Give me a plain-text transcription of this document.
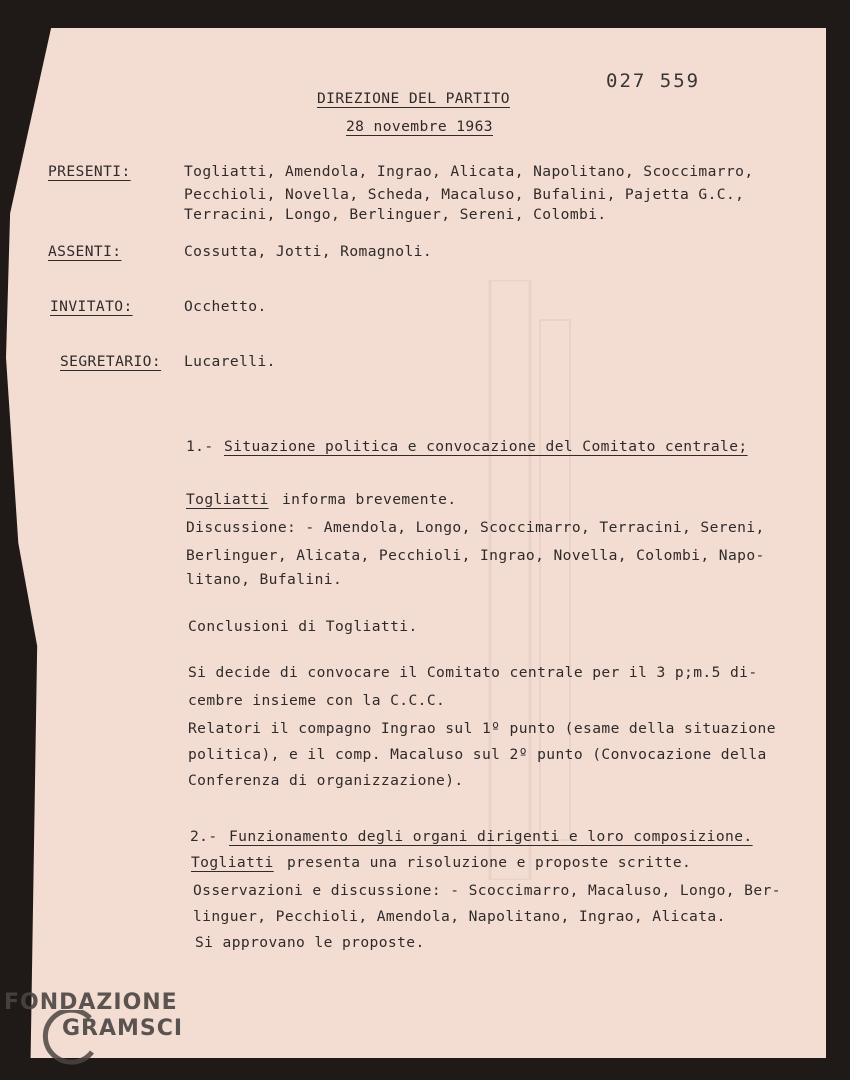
027 559
DIREZIONE DEL PARTITO
28 novembre 1963
PRESENTI:	Togliatti, Amendola, Ingrao, Alicata, Napolitano, Scoccimarro,
Pecchioli, Novella, Scheda, Macaluso, Bufalini, Pajetta G.C.,
Terracini, Longo, Berlinguer, Sereni, Colombi.
ASSENTI:	Cossutta, Jotti, Romagnoli.
INVITATO:	Occhetto.
SEGRETARIO: Lucarelli.
1.- Situazione politica e convocazione del Comitato centrale;
Togliatti informa brevemente.
Discussione: - Amendola, Longo, Scoccimarro, Terracini, Sereni,
Berlinguer, Alicata, Pecchioli, Ingrao, Novella, Colombi, Napo-
litano, Bufalini.
Conclusioni di Togliatti.
Si decide di convocare il Comitato centrale per il 3 p;m.5 di-
cembre insieme con la C.C.C.
Relatori il compagno Ingrao sul 1º punto (esame della situazione
politica), e il comp. Macaluso sul 2º punto (Convocazione della
Conferenza di organizzazione).
2.- Funzionamento degli organi dirigenti e loro composizione.
Togliatti presenta una risoluzione e proposte scritte.
Osservazioni e discussione: - Scoccimarro, Macaluso, Longo, Ber-
linguer, Pecchioli, Amendola, Napolitano, Ingrao, Alicata.
Si approvano le proposte.
FONDAZIONE
GRAMSCI
